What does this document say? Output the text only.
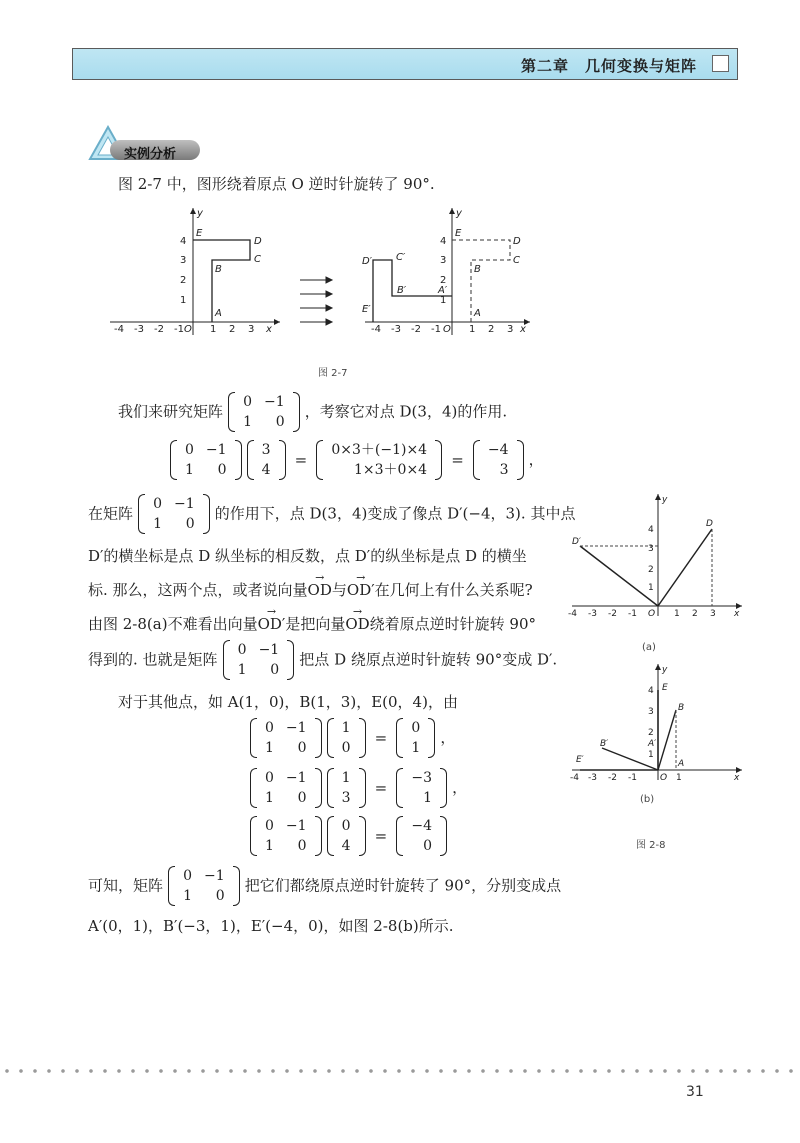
第二章　几何变换与矩阵
实例分析
图 2-7 中，图形绕着原点 O 逆时针旋转了 90°.
y
x
-4 -3 -2 -1 O 1 2 3
1
2
3
4
E
D
C
B
A
y
x
-4 -3 -2 -1 O 1 2 3
1
2
3
4
E
D
C
B
A
D′ C′
E′
B′	A′
图 2-7
我们来研究矩阵
0	−1
1	0
，考察它对点 D(3，4)的作用.
0	−1
1	0

3
4
=
0×3＋(−1)×4
1×3＋0×4
=
−4
3
，
在矩阵
0	−1
1	0
的作用下，点 D(3，4)变成了像点 D′(−4，3). 其中点
D′的横坐标是点 D 纵坐标的相反数，点 D′的纵坐标是点 D 的横坐
标. 那么，这两个点，或者说向量→ OD与→ OD′在几何上有什么关系呢?
由图 2-8(a)不难看出向量→ OD′是把向量→ OD绕着原点逆时针旋转 90°
得到的. 也就是矩阵
0	−1
1	0
把点 D 绕原点逆时针旋转 90°变成 D′.
对于其他点，如 A(1，0)，B(1，3)，E(0，4)，由
0	−1
1	0

1
0
=
0
1
，
0	−1
1	0

1
3
=
−3
1
，
0	−1
1	0

0
4
=
−4
0
可知，矩阵
0	−1
1	0
把它们都绕原点逆时针旋转了 90°，分别变成点
A′(0，1)，B′(−3，1)，E′(−4，0)，如图 2-8(b)所示.
y
x
-4 -3 -2 -1 O 1 2 3
1
2
3
4
D
D′
(a)
y
x
-4 -3 -2 -1	O 1
1
2
3
4 E
B
B′	A′
A
E′
(b)
图 2-8
31
